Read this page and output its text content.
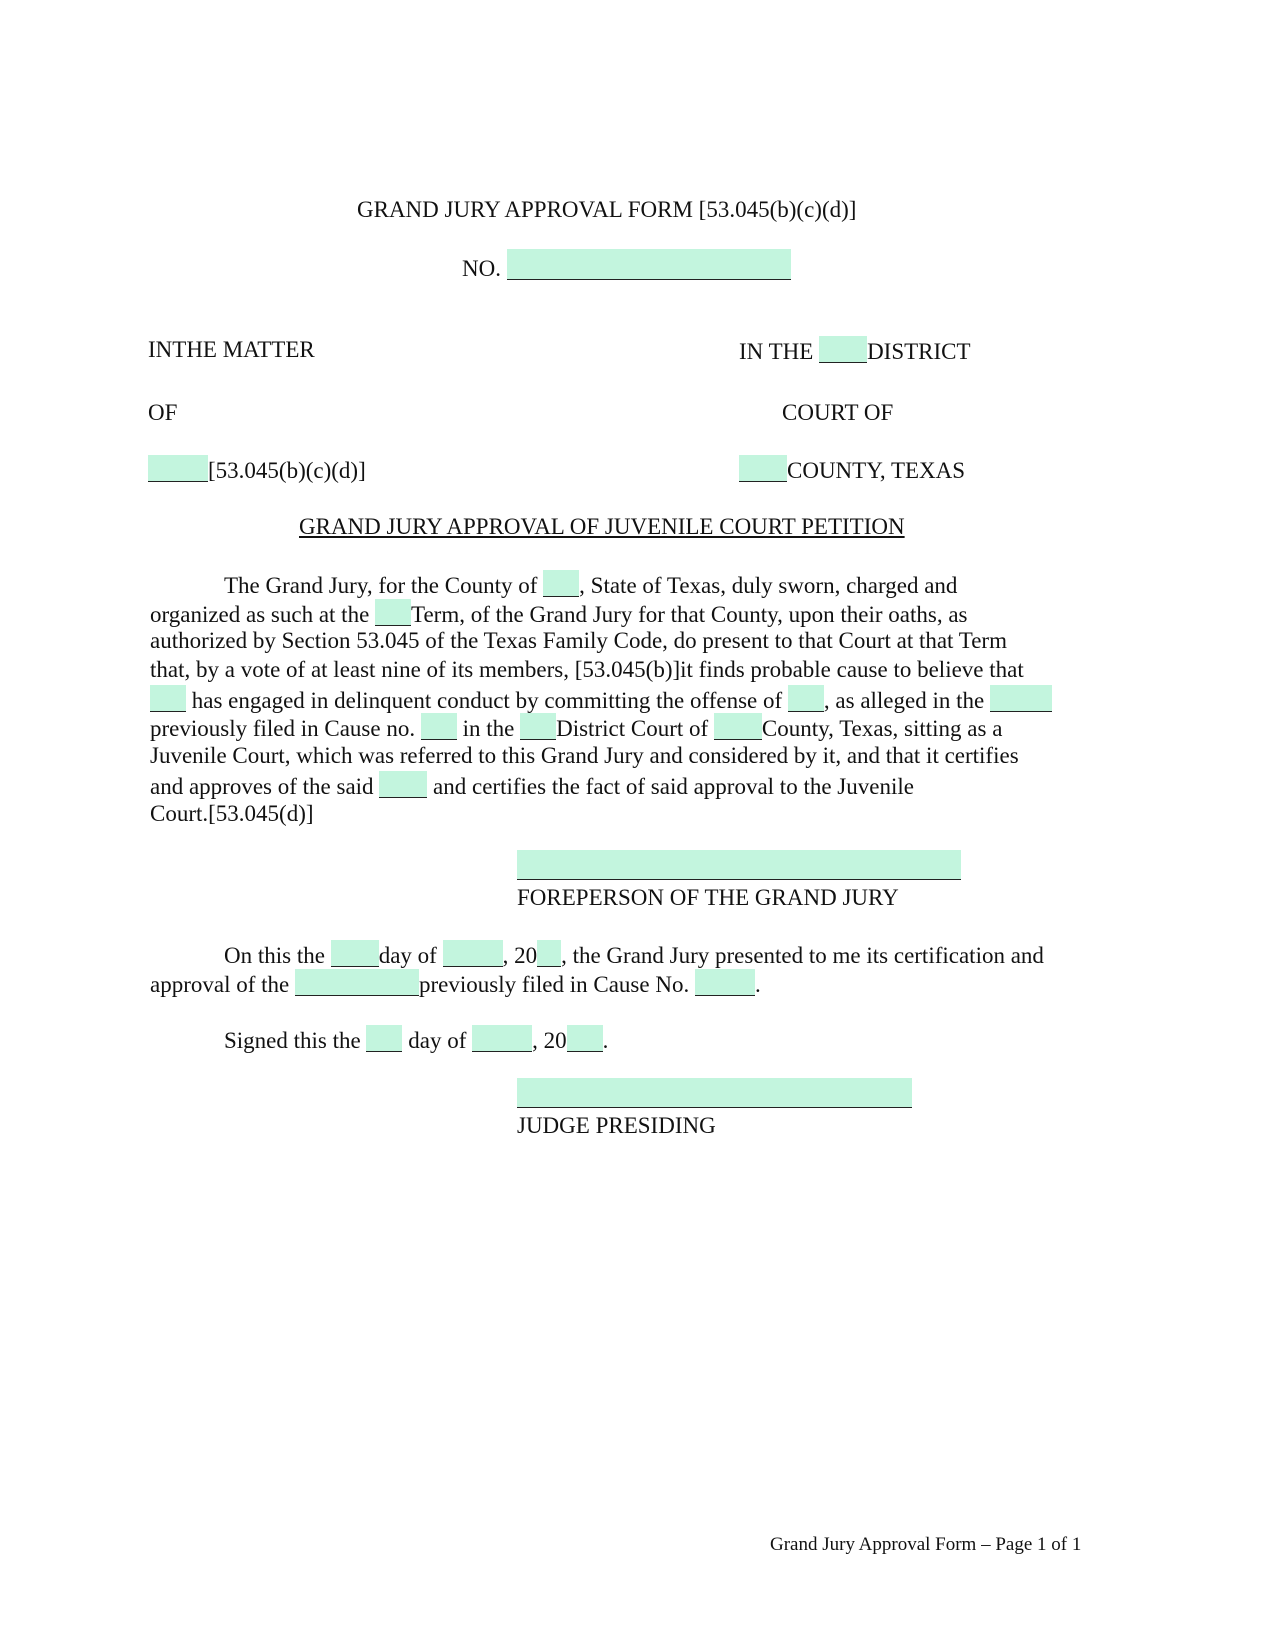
GRAND JURY APPROVAL FORM [53.045(b)(c)(d)]
NO.
INTHE MATTER
OF
[53.045(b)(c)(d)]
IN THE DISTRICT
COURT OF
COUNTY, TEXAS
GRAND JURY APPROVAL OF JUVENILE COURT PETITION
The Grand Jury, for the County of , State of Texas, duly sworn, charged and
organized as such at the Term, of the Grand Jury for that County, upon their oaths, as
authorized by Section 53.045 of the Texas Family Code, do present to that Court at that Term
that, by a vote of at least nine of its members, [53.045(b)]it finds probable cause to believe that
has engaged in delinquent conduct by committing the offense of , as alleged in the
previously filed in Cause no. in the District Court of County, Texas, sitting as a
Juvenile Court, which was referred to this Grand Jury and considered by it, and that it certifies
and approves of the said	and certifies the fact of said approval to the Juvenile
Court.[53.045(d)]
FOREPERSON OF THE GRAND JURY
On this the day of	, 20 , the Grand Jury presented to me its certification and
approval of the	previously filed in Cause No.	.
Signed this the day of	, 20 .
JUDGE PRESIDING
Grand Jury Approval Form – Page 1 of 1
